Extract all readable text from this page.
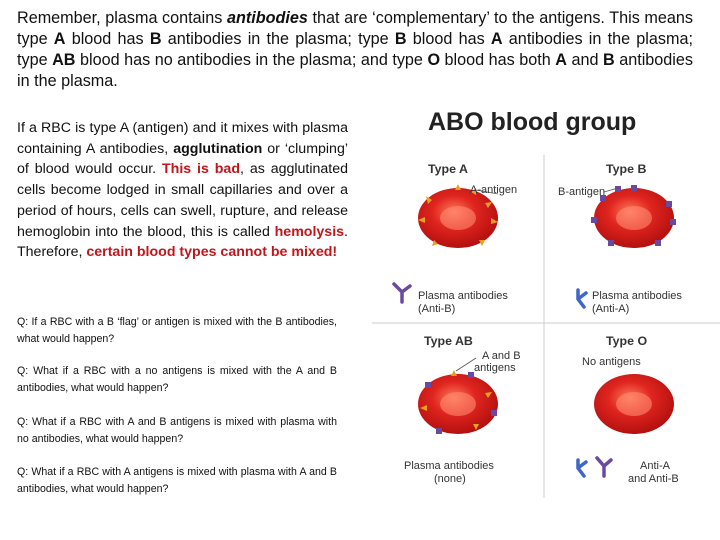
Remember, plasma contains antibodies that are ‘complementary’ to the antigens. This means type A blood has B antibodies in the plasma; type B blood has A antibodies in the plasma; type AB blood has no antibodies in the plasma; and type O blood has both A and B antibodies in the plasma.
If a RBC is type A (antigen) and it mixes with plasma containing A antibodies, agglutination or ‘clumping’ of blood would occur. This is bad, as agglutinated cells become lodged in small capillaries and over a period of hours, cells can swell, rupture, and release hemoglobin into the blood, this is called hemolysis. Therefore, certain blood types cannot be mixed!
Q: If a RBC with a B ‘flag’ or antigen is mixed with the B antibodies, what would happen?
Q: What if a RBC with a no antigens is mixed with the A and B antibodies, what would happen?
Q: What if a RBC with A and B antigens is mixed with plasma with no antibodies, what would happen?
Q: What if a RBC with A antigens is mixed with plasma with A and B antibodies, what would happen?
ABO blood group
Type A	Type B
A-antigen	B-antigen
Plasma antibodies
(Anti-B)
Plasma antibodies
(Anti-A)
Type AB	Type O
A and B
antigens	No antigens
Plasma antibodies
(none)
Anti-A
and Anti-B
